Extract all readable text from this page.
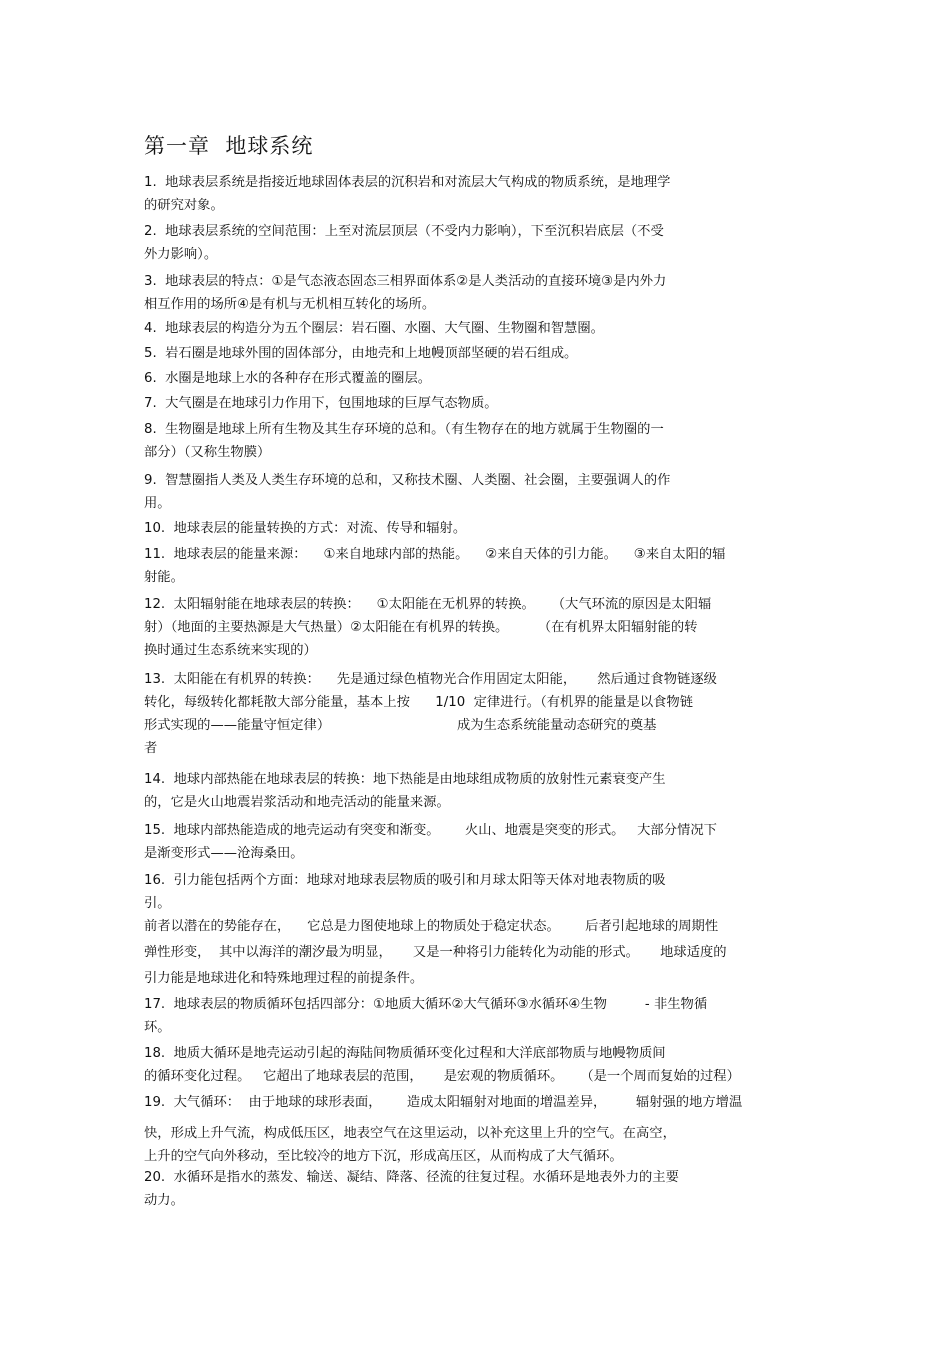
第一章  地球系统
1.  地球表层系统是指接近地球固体表层的沉积岩和对流层大气构成的物质系统，是地理学
的研究对象。
2.  地球表层系统的空间范围：上至对流层顶层（不受内力影响），下至沉积岩底层（不受
外力影响）。
3.  地球表层的特点：①是气态液态固态三相界面体系②是人类活动的直接环境③是内外力
相互作用的场所④是有机与无机相互转化的场所。
4.  地球表层的构造分为五个圈层：岩石圈、水圈、大气圈、生物圈和智慧圈。
5.  岩石圈是地球外围的固体部分，由地壳和上地幔顶部坚硬的岩石组成。
6.  水圈是地球上水的各种存在形式覆盖的圈层。
7.  大气圈是在地球引力作用下，包围地球的巨厚气态物质。
8.  生物圈是地球上所有生物及其生存环境的总和。（有生物存在的地方就属于生物圈的一
部分）（又称生物膜）
9.  智慧圈指人类及人类生存环境的总和，又称技术圈、人类圈、社会圈，主要强调人的作
用。
10.  地球表层的能量转换的方式：对流、传导和辐射。
11.  地球表层的能量来源：    ①来自地球内部的热能。    ②来自天体的引力能。    ③来自太阳的辐
射能。
12.  太阳辐射能在地球表层的转换：    ①太阳能在无机界的转换。    （大气环流的原因是太阳辐
射）（地面的主要热源是大气热量）②太阳能在有机界的转换。       （在有机界太阳辐射能的转
换时通过生态系统来实现的）
13.  太阳能在有机界的转换：    先是通过绿色植物光合作用固定太阳能，     然后通过食物链逐级
转化，每级转化都耗散大部分能量，基本上按      1/10  定律进行。（有机界的能量是以食物链
形式实现的——能量守恒定律）                              成为生态系统能量动态研究的奠基
者
14.  地球内部热能在地球表层的转换：地下热能是由地球组成物质的放射性元素衰变产生
的，它是火山地震岩浆活动和地壳活动的能量来源。
15.  地球内部热能造成的地壳运动有突变和渐变。      火山、地震是突变的形式。   大部分情况下
是渐变形式——沧海桑田。
16.  引力能包括两个方面：地球对地球表层物质的吸引和月球太阳等天体对地表物质的吸
引。
前者以潜在的势能存在，    它总是力图使地球上的物质处于稳定状态。      后者引起地球的周期性
弹性形变，  其中以海洋的潮汐最为明显，     又是一种将引力能转化为动能的形式。     地球适度的
引力能是地球进化和特殊地理过程的前提条件。
17.  地球表层的物质循环包括四部分：①地质大循环②大气循环③水循环④生物         - 非生物循
环。
18.  地质大循环是地壳运动引起的海陆间物质循环变化过程和大洋底部物质与地幔物质间
的循环变化过程。   它超出了地球表层的范围，     是宏观的物质循环。    （是一个周而复始的过程）
19.  大气循环：  由于地球的球形表面，      造成太阳辐射对地面的增温差异，       辐射强的地方增温
快，形成上升气流，构成低压区，地表空气在这里运动，以补充这里上升的空气。在高空，
上升的空气向外移动，至比较冷的地方下沉，形成高压区，从而构成了大气循环。
20.  水循环是指水的蒸发、输送、凝结、降落、径流的往复过程。水循环是地表外力的主要
动力。
